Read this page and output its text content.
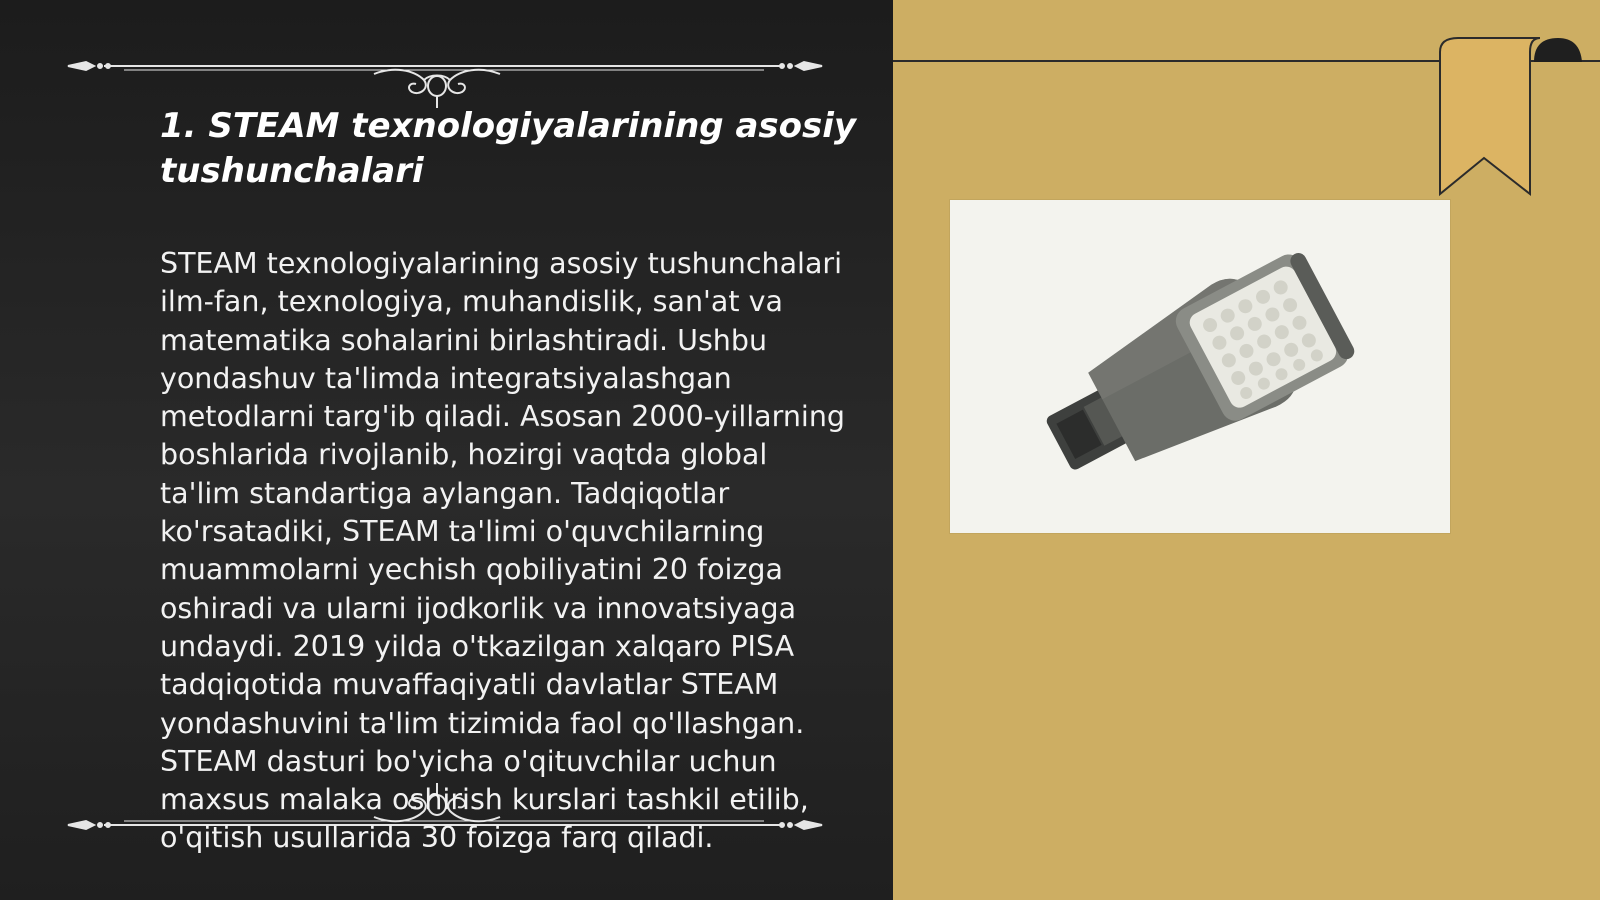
1. STEAM texnologiyalarining asosiy tushunchalari

STEAM texnologiyalarining asosiy tushunchalari ilm-fan, texnologiya, muhandislik, san'at va matematika sohalarini birlashtiradi. Ushbu yondashuv ta'limda integratsiyalashgan metodlarni targ'ib qiladi. Asosan 2000-yillarning boshlarida rivojlanib, hozirgi vaqtda global ta'lim standartiga aylangan. Tadqiqotlar ko'rsatadiki, STEAM ta'limi o'quvchilarning muammolarni yechish qobiliyatini 20 foizga oshiradi va ularni ijodkorlik va innovatsiyaga undaydi. 2019 yilda o'tkazilgan xalqaro PISA tadqiqotida muvaffaqiyatli davlatlar STEAM yondashuvini ta'lim tizimida faol qo'llashgan. STEAM dasturi bo'yicha o'qituvchilar uchun maxsus malaka oshirish kurslari tashkil etilib, o'qitish usullarida 30 foizga farq qiladi.
